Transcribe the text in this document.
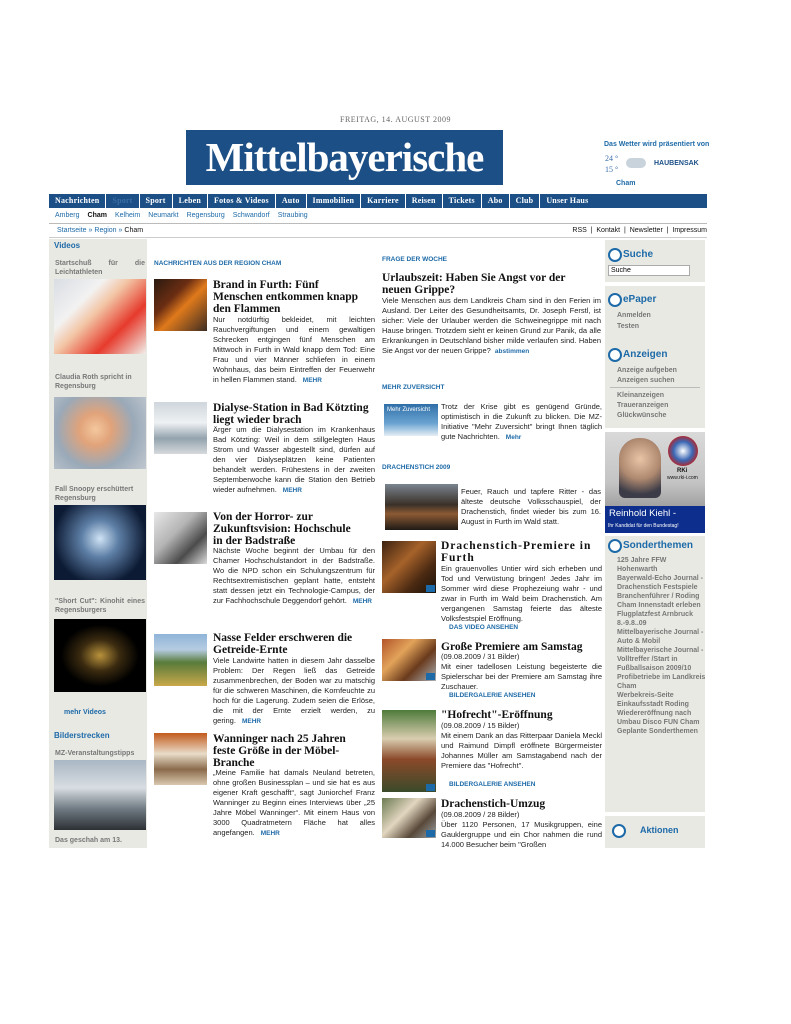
FREITAG, 14. AUGUST 2009
Mittelbayerische	Das Wetter wird präsentiert von
24 °
15 °
HAUBENSAK
Cham
Nachrichten	Sport	Sport	Leben	Fotos & Videos	Auto	Immobilien	Karriere	Reisen	Tickets	Abo	Club	Unser Haus
Amberg Cham Kelheim Neumarkt Regensburg Schwandorf Straubing
Startseite » Region » Cham	RSS  |  Kontakt  |  Newsletter  |  Impressum
Videos
Startschuß für die Leichtathleten
Claudia Roth spricht in Regensburg
Fall Snoopy erschüttert Regensburg
"Short Cut": Kinohit eines Regensburgers
mehr Videos
Bilderstrecken
MZ-Veranstaltungstipps
Das geschah am 13.
NACHRICHTEN AUS DER REGION CHAM
Brand in Furth: Fünf Menschen entkommen knapp den Flammen
Nur notdürftig bekleidet, mit leichten Rauchvergiftungen und einem gewaltigen Schrecken entgingen fünf Menschen am Mittwoch in Furth in Wald knapp dem Tod: Eine Frau und vier Männer schliefen in einem Wohnhaus, das beim Eintreffen der Feuerwehr in hellen Flammen stand. MEHR
Dialyse-Station in Bad Kötzting liegt wieder brach
Ärger um die Dialysestation im Krankenhaus Bad Kötzting: Weil in dem stillgelegten Haus Strom und Wasser abgestellt sind, dürfen auf den vier Dialyseplätzen keine Patienten behandelt werden. Frühestens in der zweiten Septemberwoche kann die Station den Betrieb wieder aufnehmen. MEHR
Von der Horror- zur Zukunftsvision: Hochschule in der Badstraße
Nächste Woche beginnt der Umbau für den Chamer Hochschulstandort in der Badstraße. Wo die NPD schon ein Schulungszentrum für Rechtsextremistischen geplant hatte, entsteht statt dessen jetzt ein Technologie-Campus, der zur Fachhochschule Deggendorf gehört. MEHR
Nasse Felder erschweren die Getreide-Ernte
Viele Landwirte hatten in diesem Jahr dasselbe Problem: Der Regen ließ das Getreide zusammenbrechen, der Boden war zu matschig für die schweren Maschinen, die Kornfeuchte zu hoch für die Lagerung. Zudem seien die Erlöse, die mit der Ernte erzielt werden, zu gering. MEHR
Wanninger nach 25 Jahren feste Größe in der Möbel-Branche
„Meine Familie hat damals Neuland betreten, ohne großen Businessplan – und sie hat es aus eigener Kraft geschafft“, sagt Juniorchef Franz Wanninger zu Beginn eines Interviews über „25 Jahre Möbel Wanninger“. Mit einem Haus von 3000 Quadratmetern Fläche hat alles angefangen. MEHR
FRAGE DER WOCHE
Urlaubszeit: Haben Sie Angst vor der neuen Grippe?
Viele Menschen aus dem Landkreis Cham sind in den Ferien im Ausland. Der Leiter des Gesundheitsamts, Dr. Joseph Ferstl, ist sicher: Viele der Urlauber werden die Schweinegrippe mit nach Hause bringen. Trotzdem sieht er keinen Grund zur Panik, da alle Erkrankungen in Deutschland bisher milde verlaufen sind. Haben Sie Angst vor der neuen Grippe? abstimmen
MEHR ZUVERSICHT
Mehr Zuversicht	Trotz der Krise gibt es genügend Gründe, optimistisch in die Zukunft zu blicken. Die MZ-Initiative "Mehr Zuversicht" bringt Ihnen täglich gute Nachrichten. Mehr
DRACHENSTICH 2009
Feuer, Rauch und tapfere Ritter - das älteste deutsche Volksschauspiel, der Drachenstich, findet wieder bis zum 16. August in Furth im Wald statt.
Drachenstich-Premiere in Furth
Ein grauenvolles Untier wird sich erheben und Tod und Verwüstung bringen! Jedes Jahr im Sommer wird diese Prophezeiung wahr - und zwar in Furth im Wald beim Drachenstich. Am vergangenen Samstag feierte das älteste Volksfestspiel Eröffnung.
DAS VIDEO ANSEHEN
Große Premiere am Samstag
(09.08.2009 / 31 Bilder)
Mit einer tadellosen Leistung begeisterte die Spielerschar bei der Premiere am Samstag ihre Zuschauer.
BILDERGALERIE ANSEHEN
"Hofrecht"-Eröffnung
(09.08.2009 / 15 Bilder)
Mit einem Dank an das Ritterpaar Daniela Meckl und Raimund Dimpfl eröffnete Bürgermeister Johannes Müller am Samstagabend nach der Premiere das "Hofrecht".
BILDERGALERIE ANSEHEN
Drachenstich-Umzug
(09.08.2009 / 28 Bilder)
Über 1120 Personen, 17 Musikgruppen, eine Gauklergruppe und ein Chor nahmen die rund 14.000 Besucher beim "Großen
Suche
Suche
ePaper
Anmelden
Testen
Anzeigen
Anzeige aufgeben
Anzeigen suchen
Kleinanzeigen
Traueranzeigen
Glückwünsche
RKi
www.rki-i.com
Reinhold Kiehl -
Ihr Kandidat für den Bundestag!
Sonderthemen
125 Jahre FFW Hohenwarth
Bayerwald-Echo Journal - Drachenstich Festspiele
Branchenführer / Roding
Cham Innenstadt erleben
Flugplatzfest Arnbruck 8.-9.8..09
Mittelbayerische Journal - Auto & Mobil
Mittelbayerische Journal - Volltreffer /Start in Fußballsaison 2009/10
Profibetriebe im Landkreis Cham
Werbekreis-Seite Einkaufsstadt Roding
Wiedereröffnung nach Umbau Disco FUN Cham
Geplante Sonderthemen
Aktionen
